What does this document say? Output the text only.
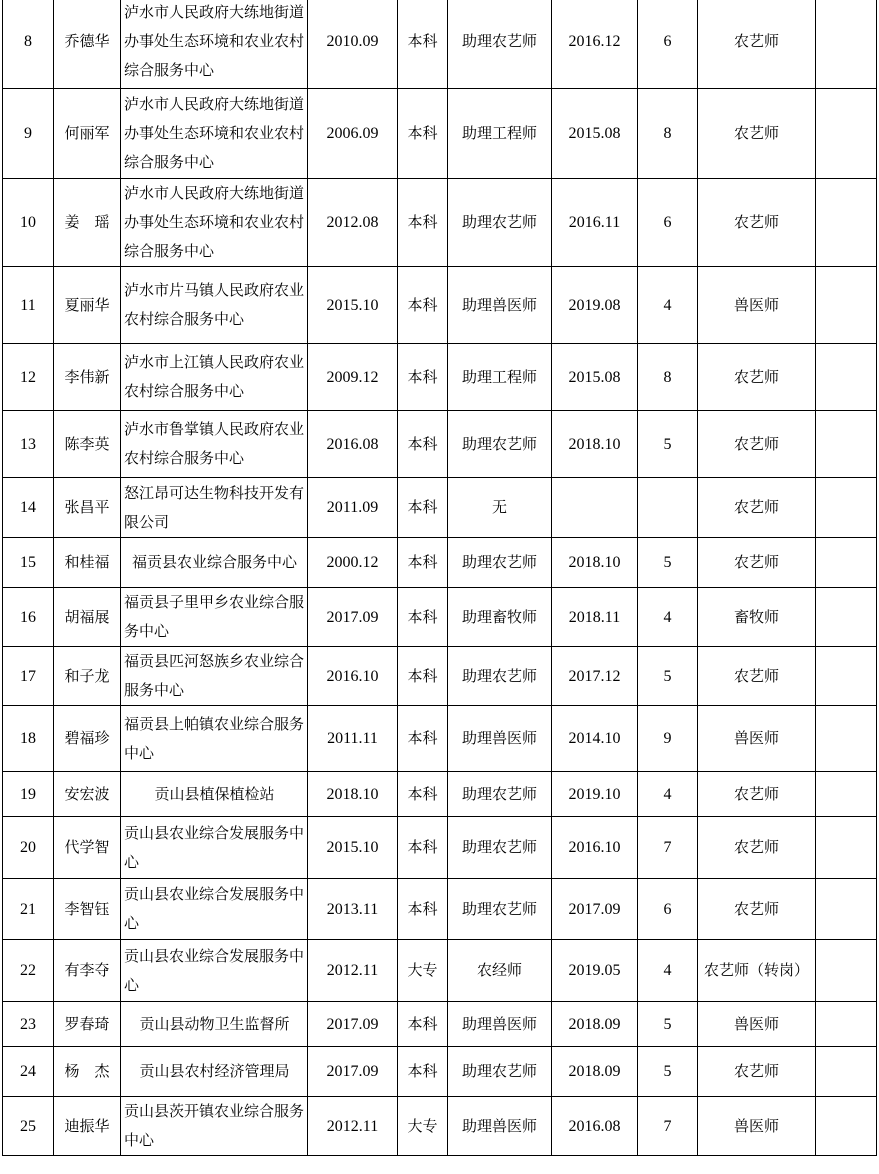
8	乔德华	泸水市人民政府大练地街道办事处生态环境和农业农村综合服务中心	2010.09	本科	助理农艺师	2016.12	6	农艺师	
9	何丽军	泸水市人民政府大练地街道办事处生态环境和农业农村综合服务中心	2006.09	本科	助理工程师	2015.08	8	农艺师	
10	姜　瑶	泸水市人民政府大练地街道办事处生态环境和农业农村综合服务中心	2012.08	本科	助理农艺师	2016.11	6	农艺师	
11	夏丽华	泸水市片马镇人民政府农业农村综合服务中心	2015.10	本科	助理兽医师	2019.08	4	兽医师	
12	李伟新	泸水市上江镇人民政府农业农村综合服务中心	2009.12	本科	助理工程师	2015.08	8	农艺师	
13	陈李英	泸水市鲁掌镇人民政府农业农村综合服务中心	2016.08	本科	助理农艺师	2018.10	5	农艺师	
14	张昌平	怒江昂可达生物科技开发有限公司	2011.09	本科	无			农艺师	
15	和桂福	福贡县农业综合服务中心	2000.12	本科	助理农艺师	2018.10	5	农艺师	
16	胡福展	福贡县子里甲乡农业综合服务中心	2017.09	本科	助理畜牧师	2018.11	4	畜牧师	
17	和子龙	福贡县匹河怒族乡农业综合服务中心	2016.10	本科	助理农艺师	2017.12	5	农艺师	
18	碧福珍	福贡县上帕镇农业综合服务中心	2011.11	本科	助理兽医师	2014.10	9	兽医师	
19	安宏波	贡山县植保植检站	2018.10	本科	助理农艺师	2019.10	4	农艺师	
20	代学智	贡山县农业综合发展服务中心	2015.10	本科	助理农艺师	2016.10	7	农艺师	
21	李智钰	贡山县农业综合发展服务中心	2013.11	本科	助理农艺师	2017.09	6	农艺师	
22	有李夺	贡山县农业综合发展服务中心	2012.11	大专	农经师	2019.05	4	农艺师（转岗）	
23	罗春琦	贡山县动物卫生监督所	2017.09	本科	助理兽医师	2018.09	5	兽医师	
24	杨　杰	贡山县农村经济管理局	2017.09	本科	助理农艺师	2018.09	5	农艺师	
25	迪振华	贡山县茨开镇农业综合服务中心	2012.11	大专	助理兽医师	2016.08	7	兽医师	
